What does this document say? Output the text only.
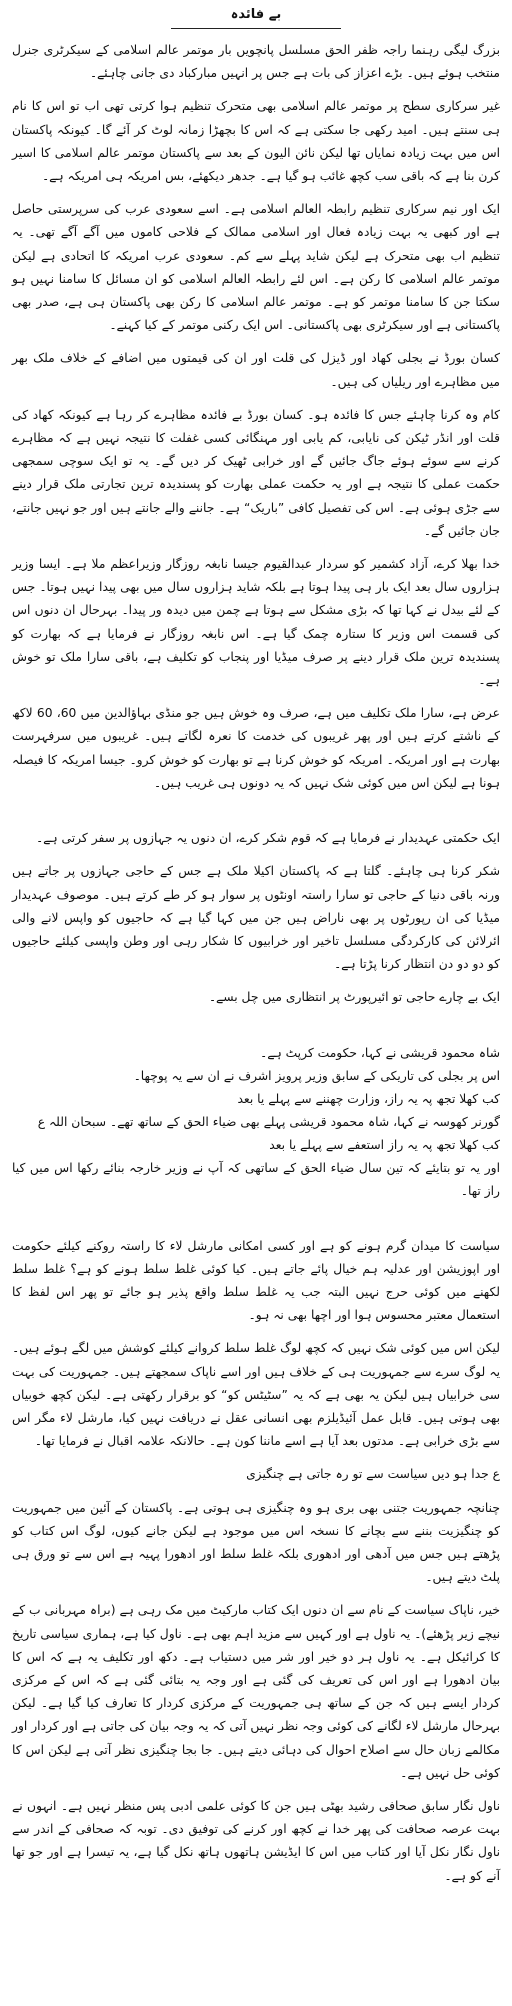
بے فائدہ

بزرگ لیگی رہنما راجہ ظفر الحق مسلسل پانچویں بار موتمر عالم اسلامی کے سیکرٹری جنرل منتخب ہوئے ہیں۔ بڑے اعزاز کی بات ہے جس پر انہیں مبارکباد دی جانی چاہئے۔

غیر سرکاری سطح پر موتمر عالم اسلامی بھی متحرک تنظیم ہوا کرتی تھی اب تو اس کا نام ہی سنتے ہیں۔ امید رکھی جا سکتی ہے کہ اس کا بچھڑا زمانہ لوٹ کر آئے گا۔ کیونکہ پاکستان اس میں بہت زیادہ نمایاں تھا لیکن نائن الیون کے بعد سے پاکستان موتمر عالم اسلامی کا اسیر کرن بنا ہے کہ باقی سب کچھ غائب ہو گیا ہے۔ جدھر دیکھئے، بس امریکہ ہی امریکہ ہے۔

ایک اور نیم سرکاری تنظیم رابطہ العالم اسلامی ہے۔ اسے سعودی عرب کی سرپرستی حاصل ہے اور کبھی یہ بہت زیادہ فعال اور اسلامی ممالک کے فلاحی کاموں میں آگے آگے تھی۔ یہ تنظیم اب بھی متحرک ہے لیکن شاید پہلے سے کم۔ سعودی عرب امریکہ کا اتحادی ہے لیکن موتمر عالم اسلامی کا رکن ہے۔ اس لئے رابطہ العالم اسلامی کو ان مسائل کا سامنا نہیں ہو سکتا جن کا سامنا موتمر کو ہے۔ موتمر عالم اسلامی کا رکن بھی پاکستان ہی ہے، صدر بھی پاکستانی ہے اور سیکرٹری بھی پاکستانی۔ اس ایک رکنی موتمر کے کیا کہنے۔

کسان بورڈ نے بجلی کھاد اور ڈیزل کی قلت اور ان کی قیمتوں میں اضافے کے خلاف ملک بھر میں مظاہرے اور ریلیاں کی ہیں۔

کام وہ کرنا چاہئے جس کا فائدہ ہو۔ کسان بورڈ بے فائدہ مظاہرے کر رہا ہے کیونکہ کھاد کی قلت اور انڈر ٹیکن کی نایابی، کم یابی اور مہنگائی کسی غفلت کا نتیجہ نہیں ہے کہ مظاہرے کرنے سے سوئے ہوئے جاگ جائیں گے اور خرابی ٹھیک کر دیں گے۔ یہ تو ایک سوچی سمجھی حکمت عملی کا نتیجہ ہے اور یہ حکمت عملی بھارت کو پسندیدہ ترین تجارتی ملک قرار دینے سے جڑی ہوئی ہے۔ اس کی تفصیل کافی ”باریک“ ہے۔ جاننے والے جانتے ہیں اور جو نہیں جانتے، جان جائیں گے۔

خدا بھلا کرے، آزاد کشمیر کو سردار عبدالقیوم جیسا نابغہ روزگار وزیراعظم ملا ہے۔ ایسا وزیر ہزاروں سال بعد ایک بار ہی پیدا ہوتا ہے بلکہ شاید ہزاروں سال میں بھی پیدا نہیں ہوتا۔ جس کے لئے بیدل نے کہا تھا کہ بڑی مشکل سے ہوتا ہے چمن میں دیدہ ور پیدا۔ بہرحال ان دنوں اس کی قسمت اس وزیر کا ستارہ چمک گیا ہے۔ اس نابغہ روزگار نے فرمایا ہے کہ بھارت کو پسندیدہ ترین ملک قرار دینے پر صرف میڈیا اور پنجاب کو تکلیف ہے، باقی سارا ملک تو خوش ہے۔

عرض ہے، سارا ملک تکلیف میں ہے، صرف وہ خوش ہیں جو منڈی بہاؤالدین میں 60، 60 لاکھ کے ناشتے کرتے ہیں اور پھر غریبوں کی خدمت کا نعرہ لگاتے ہیں۔ غریبوں میں سرفہرست بھارت ہے اور امریکہ۔ امریکہ کو خوش کرنا ہے تو بھارت کو خوش کرو۔ جیسا امریکہ کا فیصلہ ہونا ہے لیکن اس میں کوئی شک نہیں کہ یہ دونوں ہی غریب ہیں۔

ایک حکمتی عہدیدار نے فرمایا ہے کہ قوم شکر کرے، ان دنوں یہ جہازوں پر سفر کرتی ہے۔

شکر کرنا ہی چاہئے۔ گلتا ہے کہ پاکستان اکیلا ملک ہے جس کے حاجی جہازوں پر جاتے ہیں ورنہ باقی دنیا کے حاجی تو سارا راستہ اونٹوں پر سوار ہو کر طے کرتے ہیں۔ موصوف عہدیدار میڈیا کی ان رپورٹوں پر بھی ناراض ہیں جن میں کہا گیا ہے کہ حاجیوں کو واپس لانے والی ائرلائن کی کارکردگی مسلسل تاخیر اور خرابیوں کا شکار رہی اور وطن واپسی کیلئے حاجیوں کو دو دو دن انتظار کرنا پڑتا ہے۔

ایک بے چارے حاجی تو ائیرپورٹ پر انتظاری میں چل بسے۔

شاہ محمود قریشی نے کہا، حکومت کرپٹ ہے۔
اس پر بجلی کی تاریکی کے سابق وزیر پرویز اشرف نے ان سے یہ پوچھا۔
کب کھلا تجھ پہ یہ راز، وزارت چھننے سے پہلے یا بعد
گورنر کھوسہ نے کہا، شاہ محمود قریشی پہلے بھی ضیاء الحق کے ساتھ تھے۔ سبحان اللہ ع
کب کھلا تجھ پہ یہ راز استعفے سے پہلے یا بعد
اور یہ تو بتایئے کہ تین سال ضیاء الحق کے ساتھی کہ آپ نے وزیر خارجہ بنائے رکھا اس میں کیا راز تھا۔

سیاست کا میدان گرم ہونے کو ہے اور کسی امکانی مارشل لاء کا راستہ روکنے کیلئے حکومت اور اپوزیشن اور عدلیہ ہم خیال پائے جاتے ہیں۔ کیا کوئی غلط سلط ہونے کو ہے؟ غلط سلط لکھنے میں کوئی حرج نہیں البتہ جب یہ غلط سلط واقع پذیر ہو جائے تو پھر اس لفظ کا استعمال معتبر محسوس ہوا اور اچھا بھی نہ ہو۔

لیکن اس میں کوئی شک نہیں کہ کچھ لوگ غلط سلط کروانے کیلئے کوشش میں لگے ہوئے ہیں۔ یہ لوگ سرے سے جمہوریت ہی کے خلاف ہیں اور اسے ناپاک سمجھتے ہیں۔ جمہوریت کی بہت سی خرابیاں ہیں لیکن یہ بھی ہے کہ یہ ”سٹیٹس کو“ کو برقرار رکھتی ہے۔ لیکن کچھ خوبیاں بھی ہوتی ہیں۔ قابل عمل آئیڈیلزم بھی انسانی عقل نے دریافت نہیں کیا، مارشل لاء مگر اس سے بڑی خرابی ہے۔ مدتوں بعد آیا ہے اسے ماننا کون ہے۔ حالانکہ علامہ اقبال نے فرمایا تھا۔

ع جدا ہو دیں سیاست سے تو رہ جاتی ہے چنگیزی

چنانچہ جمہوریت جتنی بھی بری ہو وہ چنگیزی ہی ہوتی ہے۔ پاکستان کے آئین میں جمہوریت کو چنگیزیت بننے سے بچانے کا نسخہ اس میں موجود ہے لیکن جانے کیوں، لوگ اس کتاب کو پڑھتے ہیں جس میں آدھی اور ادھوری بلکہ غلط سلط اور ادھورا پہیہ ہے اس سے تو ورق ہی پلٹ دیتے ہیں۔

خیر، ناپاک سیاست کے نام سے ان دنوں ایک کتاب مارکیٹ میں مک رہی ہے (براہ مہربانی ب کے نیچے زیر پڑھئے)۔ یہ ناول ہے اور کہیں سے مزید اہم بھی ہے۔ ناول کیا ہے، ہماری سیاسی تاریخ کا کرائیکل ہے۔ یہ ناول ہر دو خیر اور شر میں دستیاب ہے۔ دکھ اور تکلیف یہ ہے کہ اس کا بیان ادھورا ہے اور اس کی تعریف کی گئی ہے اور وجہ یہ بتائی گئی ہے کہ اس کے مرکزی کردار ایسے ہیں کہ جن کے ساتھ ہی جمہوریت کے مرکزی کردار کا تعارف کیا گیا ہے۔ لیکن بہرحال مارشل لاء لگانے کی کوئی وجہ نظر نہیں آتی کہ یہ وجہ بیان کی جاتی ہے اور کردار اور مکالمے زبان حال سے اصلاح احوال کی دہائی دیتے ہیں۔ جا بجا چنگیزی نظر آتی ہے لیکن اس کا کوئی حل نہیں ہے۔

ناول نگار سابق صحافی رشید بھٹی ہیں جن کا کوئی علمی ادبی پس منظر نہیں ہے۔ انہوں نے بہت عرصہ صحافت کی پھر خدا نے کچھ اور کرنے کی توفیق دی۔ توبہ کہ صحافی کے اندر سے ناول نگار نکل آیا اور کتاب میں اس کا ایڈیشن ہاتھوں ہاتھ نکل گیا ہے، یہ تیسرا ہے اور جو تھا آنے کو ہے۔
